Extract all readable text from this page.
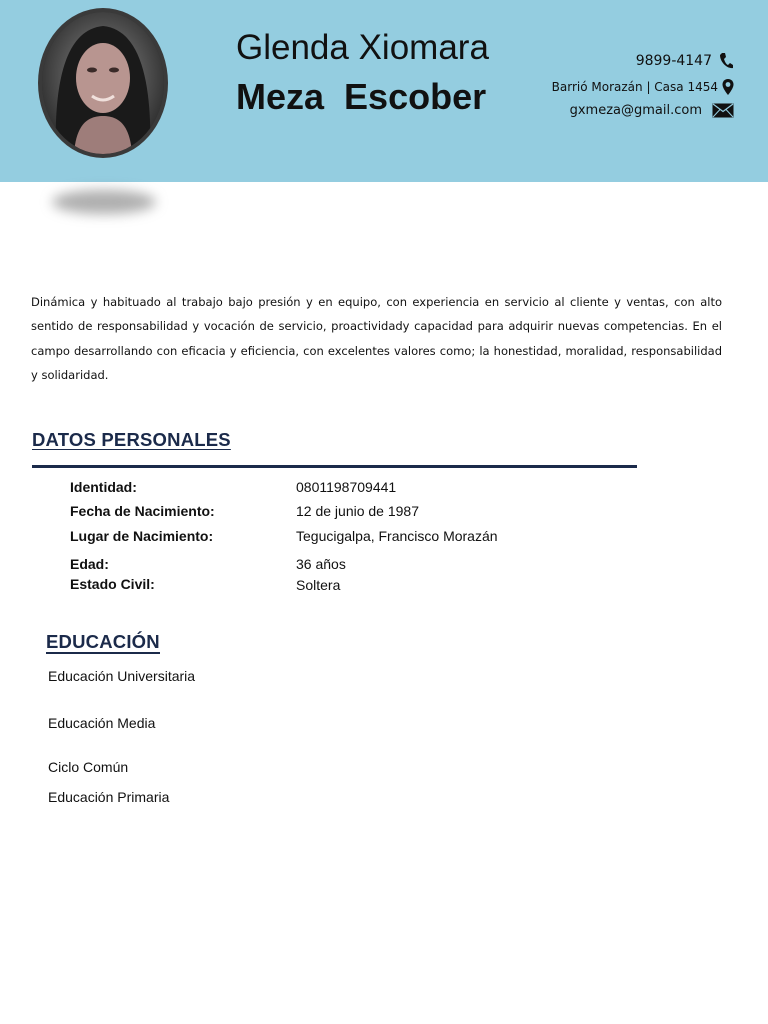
Glenda Xiomara
Meza Escober
9899-4147
Barrió Morazán | Casa 1454
gxmeza@gmail.com
Dinámica y habituado al trabajo bajo presión y en equipo, con experiencia en servicio al cliente y ventas, con alto sentido de responsabilidad y vocación de servicio, proactividady capacidad para adquirir nuevas competencias. En el campo desarrollando con eficacia y eficiencia, con excelentes valores como; la honestidad, moralidad, responsabilidad y solidaridad.
DATOS PERSONALES
Identidad:	0801198709441
Fecha de Nacimiento:	12 de junio de 1987
Lugar de Nacimiento:	Tegucigalpa, Francisco Morazán
Edad:	36 años
Estado Civil:	Soltera
EDUCACIÓN
Educación Universitaria
Educación Media
Ciclo Común
Educación Primaria
